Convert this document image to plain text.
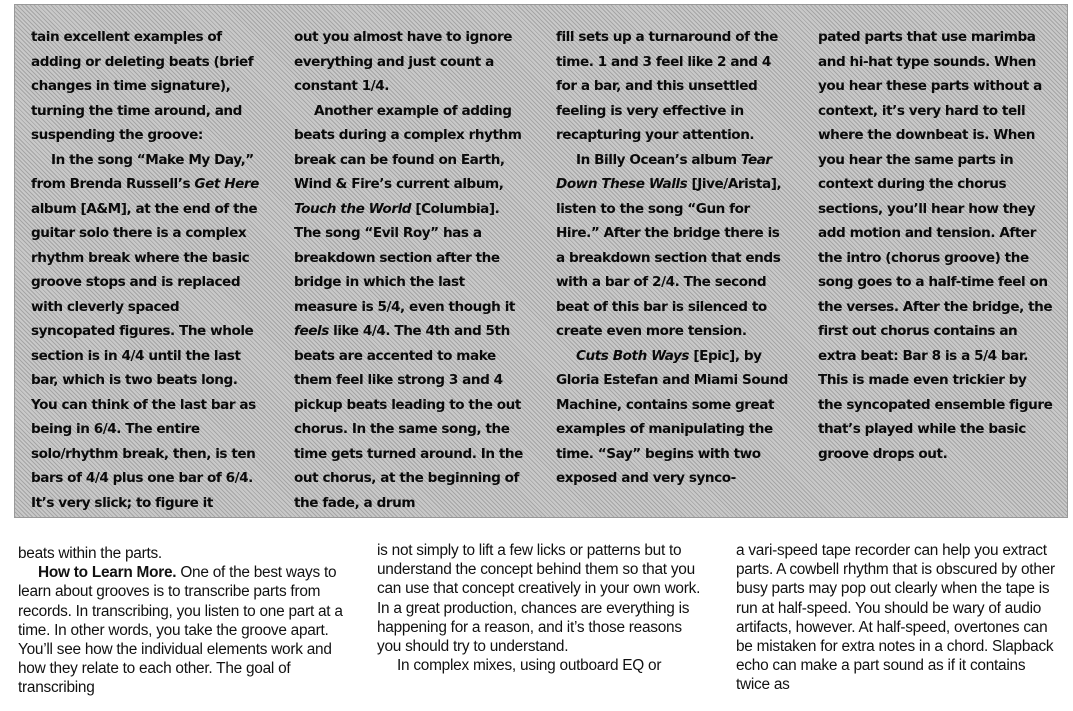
tain excellent examples of adding or deleting beats (brief changes in time signature), turning the time around, and suspending the groove:

In the song “Make My Day,” from Brenda Russell’s Get Here album [A&M], at the end of the guitar solo there is a complex rhythm break where the basic groove stops and is replaced with cleverly spaced syncopated figures. The whole section is in 4/4 until the last bar, which is two beats long. You can think of the last bar as being in 6/4. The entire solo/rhythm break, then, is ten bars of 4/4 plus one bar of 6/4. It’s very slick; to figure it

out you almost have to ignore everything and just count a constant 1/4.

Another example of adding beats during a complex rhythm break can be found on Earth, Wind & Fire’s current album, Touch the World [Columbia]. The song “Evil Roy” has a breakdown section after the bridge in which the last measure is 5/4, even though it feels like 4/4. The 4th and 5th beats are accented to make them feel like strong 3 and 4 pickup beats leading to the out chorus. In the same song, the time gets turned around. In the out chorus, at the beginning of the fade, a drum

fill sets up a turnaround of the time. 1 and 3 feel like 2 and 4 for a bar, and this unsettled feeling is very effective in recapturing your attention.

In Billy Ocean’s album Tear Down These Walls [Jive/Arista], listen to the song “Gun for Hire.” After the bridge there is a breakdown section that ends with a bar of 2/4. The second beat of this bar is silenced to create even more tension.

Cuts Both Ways [Epic], by Gloria Estefan and Miami Sound Machine, contains some great examples of manipulating the time. “Say” begins with two exposed and very synco-

pated parts that use marimba and hi-hat type sounds. When you hear these parts without a context, it’s very hard to tell where the downbeat is. When you hear the same parts in context during the chorus sections, you’ll hear how they add motion and tension. After the intro (chorus groove) the song goes to a half-time feel on the verses. After the bridge, the first out chorus contains an extra beat: Bar 8 is a 5/4 bar. This is made even trickier by the syncopated ensemble figure that’s played while the basic groove drops out.

beats within the parts.

How to Learn More. One of the best ways to learn about grooves is to transcribe parts from records. In transcribing, you listen to one part at a time. In other words, you take the groove apart. You’ll see how the individual elements work and how they relate to each other. The goal of transcribing

is not simply to lift a few licks or patterns but to understand the concept behind them so that you can use that concept creatively in your own work. In a great production, chances are everything is happening for a reason, and it’s those reasons you should try to understand.

In complex mixes, using outboard EQ or

a vari-speed tape recorder can help you extract parts. A cowbell rhythm that is obscured by other busy parts may pop out clearly when the tape is run at half-speed. You should be wary of audio artifacts, however. At half-speed, overtones can be mistaken for extra notes in a chord. Slapback echo can make a part sound as if it contains twice as
